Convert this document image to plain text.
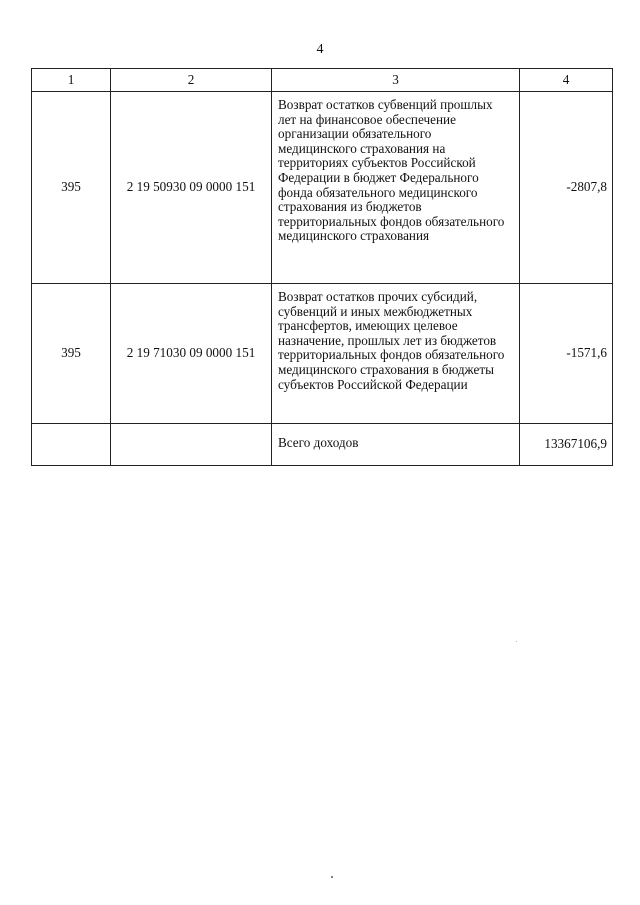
4
1	2	3	4
395	2 19 50930 09 0000 151	Возврат остатков субвенций прошлых лет на финансовое обеспечение организации обязательного медицинского страхования на территориях субъектов Российской Федерации в бюджет Федерального фонда обязательного медицинского страхования из бюджетов территориальных фондов обязательного медицинского страхования	-2807,8
395	2 19 71030 09 0000 151	Возврат остатков прочих субсидий, субвенций и иных межбюджетных трансфертов, имеющих целевое назначение, прошлых лет из бюджетов территориальных фондов обязательного медицинского страхования в бюджеты субъектов Российской Федерации	-1571,6
		Всего доходов	13367106,9
